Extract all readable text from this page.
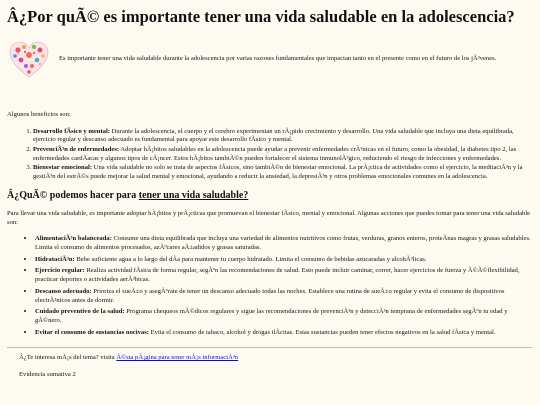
Â¿Por quÃ© es importante tener una vida saludable en la adolescencia?

Es importante tener una vida saludable durante la adolescencia por varias razones fundamentales que impactan tanto en el presente como en el futuro de los jÃ³venes.

Algunos beneficios son:

1. Desarrollo fÃsico y mental: Durante la adolescencia, el cuerpo y el cerebro experimentan un rÃ¡pido crecimiento y desarrollo. Una vida saludable que incluya una dieta equilibrada, ejercicio regular y descanso adecuado es fundamental para apoyar este desarrollo fÃsico y mental.
2. PrevenciÃ³n de enfermedades: Adoptar hÃ¡bitos saludables en la adolescencia puede ayudar a prevenir enfermedades crÃ³nicas en el futuro, como la obesidad, la diabetes tipo 2, las enfermedades cardÃacas y algunos tipos de cÃ¡ncer. Estos hÃ¡bitos tambiÃ©n pueden fortalecer el sistema inmunolÃ³gico, reduciendo el riesgo de infecciones y enfermedades.
3. Bienestar emocional: Una vida saludable no solo se trata de aspectos fÃsicos, sino tambiÃ©n de bienestar emocional. La prÃ¡ctica de actividades como el ejercicio, la meditaciÃ³n y la gestiÃ³n del estrÃ©s puede mejorar la salud mental y emocional, ayudando a reducir la ansiedad, la depresiÃ³n y otros problemas emocionales comunes en la adolescencia.
Â¿QuÃ© podemos hacer para tener una vida saludable?

Para llevar una vida saludable, es importante adoptar hÃ¡bitos y prÃ¡cticas que promuevan el bienestar fÃsico, mental y emocional. Algunas acciones que puedes tomar para tener una vida saludable son:

• AlimentaciÃ³n balanceada: Consume una dieta equilibrada que incluya una variedad de alimentos nutritivos como frutas, verduras, granos enteros, proteÃnas magras y grasas saludables. Limita el consumo de alimentos procesados, azÃºcares aÃ±adidos y grasas saturadas.
• HidrataciÃ³n: Bebe suficiente agua a lo largo del dÃa para mantener tu cuerpo hidratado. Limita el consumo de bebidas azucaradas y alcohÃ³licas.
• Ejercicio regular: Realiza actividad fÃsica de forma regular, segÃºn las recomendaciones de salud. Esto puede incluir caminar, correr, hacer ejercicios de fuerza y Ã©Ã©flexibilidad, practicar deportes o actividades aerÃ³bicas.
• Descanso adecuado: Prioriza el sueÃ±o y asegÃºrate de tener un descanso adecuado todas las noches. Establece una rutina de sueÃ±o regular y evita el consumo de dispositivos electrÃ³nicos antes de dormir.
• Cuidado preventivo de la salud: Programa chequeos mÃ©dicos regulares y sigue las recomendaciones de prevenciÃ³n y detecciÃ³n temprana de enfermedades segÃºn tu edad y gÃ©nero.
• Evitar el consumo de sustancias nocivas: Evita el consumo de tabaco, alcohol y drogas ilÃcitas. Estas sustancias pueden tener efectos negativos en la salud fÃsica y mental.

Â¿Te interesa mÃ¡s del tema? visita Ã©sta pÃ¡gina para tener mÃ¡s informaciÃ³n

Evidencia sumativa 2
